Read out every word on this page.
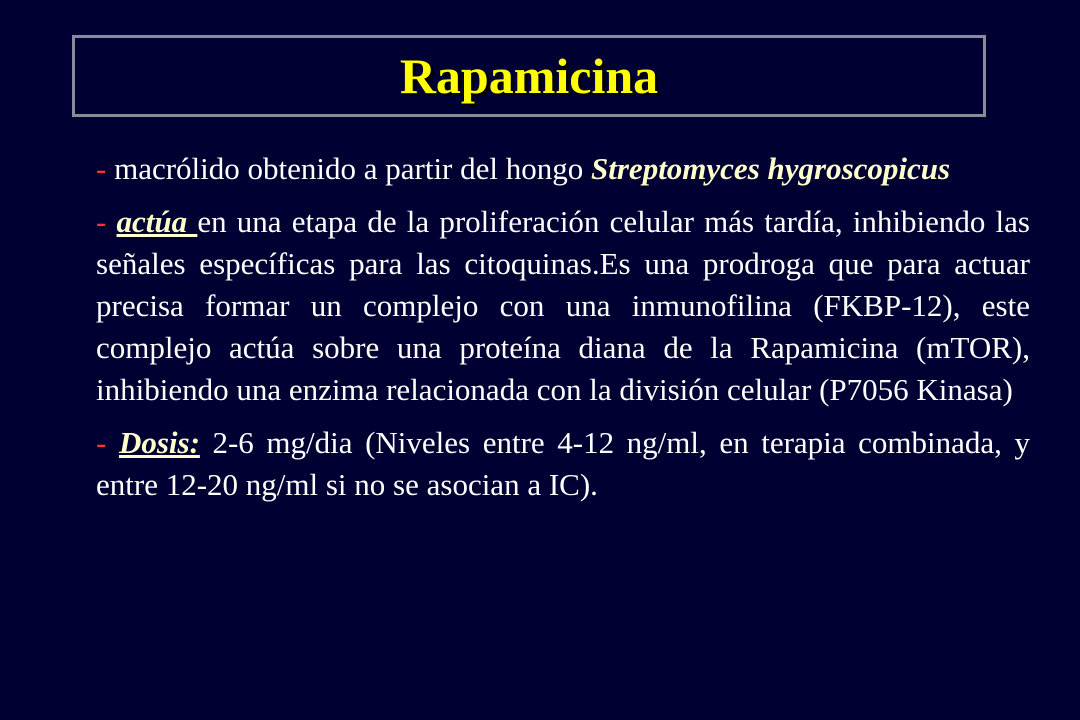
Rapamicina

- macrólido obtenido a partir del hongo Streptomyces hygroscopicus

- actúa en una etapa de la proliferación celular más tardía, inhibiendo las señales específicas para las citoquinas.Es una prodroga que para actuar precisa formar un complejo con una inmunofilina (FKBP-12), este complejo actúa sobre una proteína diana de la Rapamicina (mTOR), inhibiendo una enzima relacionada con la división celular (P7056 Kinasa)

- Dosis: 2-6 mg/dia (Niveles entre 4-12 ng/ml, en terapia combinada, y entre 12-20 ng/ml si no se asocian a IC).
